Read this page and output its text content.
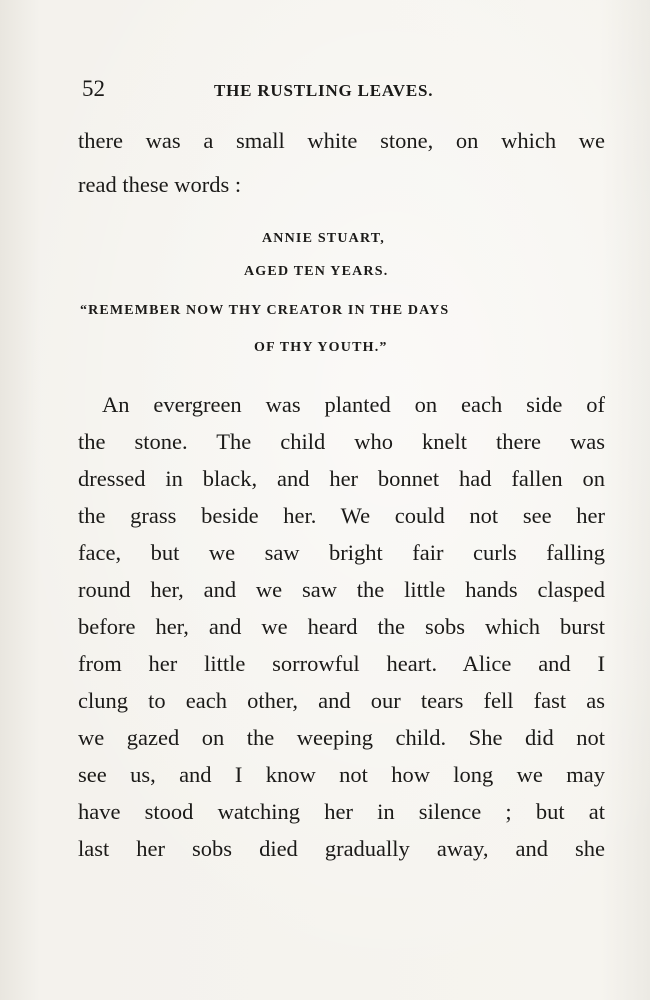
52	THE RUSTLING LEAVES.
there was a small white stone, on which we
read these words :
ANNIE STUART,
AGED TEN YEARS.
“REMEMBER NOW THY CREATOR IN THE DAYS
OF THY YOUTH.”
An evergreen was planted on each side of
the stone. The child who knelt there was
dressed in black, and her bonnet had fallen on
the grass beside her. We could not see her
face, but we saw bright fair curls falling
round her, and we saw the little hands clasped
before her, and we heard the sobs which burst
from her little sorrowful heart. Alice and I
clung to each other, and our tears fell fast as
we gazed on the weeping child. She did not
see us, and I know not how long we may
have stood watching her in silence ; but at
last her sobs died gradually away, and she
